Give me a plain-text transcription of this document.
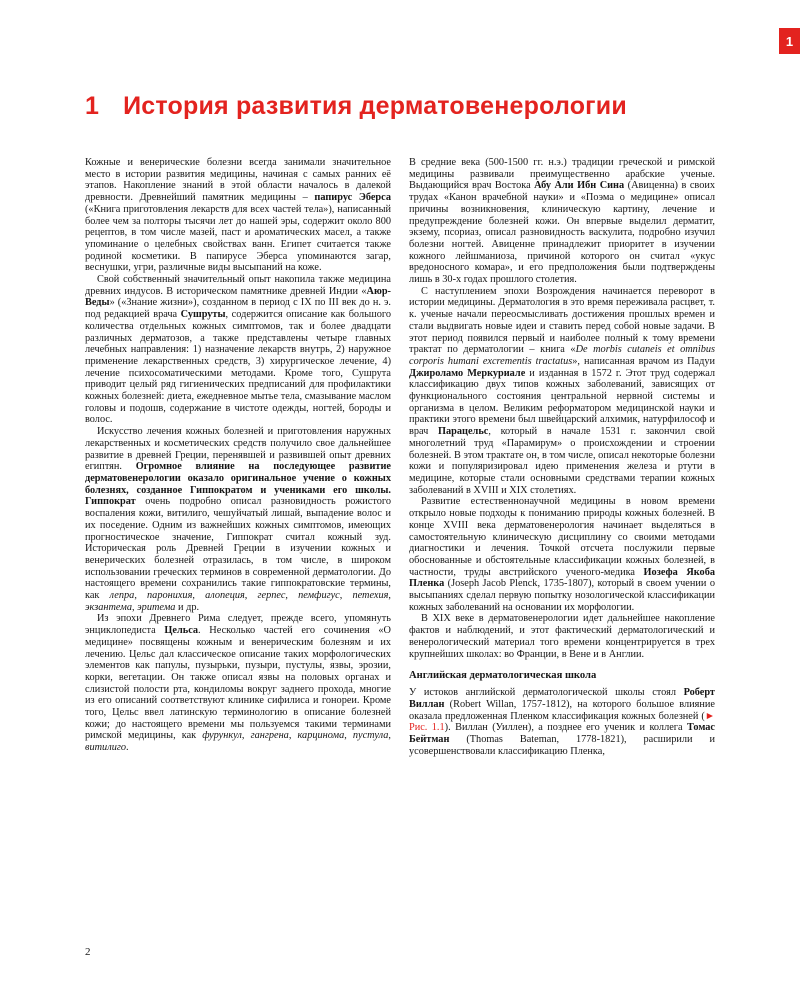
1
1 История развития дерматовенерологии

Кожные и венерические болезни всегда занимали значительное место в истории развития медицины, начиная с самых ранних её этапов. Накопление знаний в этой области началось в далекой древности. Древнейший памятник медицины – папирус Эберса («Книга приготовления лекарств для всех частей тела»), написанный более чем за полторы тысячи лет до нашей эры, содержит около 800 рецептов, в том числе мазей, паст и ароматических масел, а также упоминание о целебных свойствах ванн. Египет считается также родиной косметики. В папирусе Эберса упоминаются загар, веснушки, угри, различные виды высыпаний на коже.

Свой собственный значительный опыт накопила также медицина древних индусов. В историческом памятнике древней Индии «Аюр-Веды» («Знание жизни»), созданном в период с IX по III век до н. э. под редакцией врача Сушруты, содержится описание как большого количества отдельных кожных симптомов, так и более двадцати различных дерматозов, а также представлены четыре главных лечебных направления: 1) назначение лекарств внутрь, 2) наружное применение лекарственных средств, 3) хирургическое лечение, 4) лечение психосоматическими методами. Кроме того, Сушрута приводит целый ряд гигиенических предписаний для профилактики кожных болезней: диета, ежедневное мытье тела, смазывание маслом головы и подошв, содержание в чистоте одежды, ногтей, бороды и волос.

Искусство лечения кожных болезней и приготовления наружных лекарственных и косметических средств получило свое дальнейшее развитие в древней Греции, перенявшей и развившей опыт древних египтян. Огромное влияние на последующее развитие дерматовенерологии оказало оригинальное учение о кожных болезнях, созданное Гиппократом и учениками его школы. Гиппократ очень подробно описал разновидность рожистого воспаления кожи, витилиго, чешуйчатый лишай, выпадение волос и их поседение. Одним из важнейших кожных симптомов, имеющих прогностическое значение, Гиппократ считал кожный зуд. Историческая роль Древней Греции в изучении кожных и венерических болезней отразилась, в том числе, в широком использовании греческих терминов в современной дерматологии. До настоящего времени сохранились такие гиппократовские термины, как лепра, паронихия, алопеция, герпес, пемфигус, петехия, экзантема, эритема и др.

Из эпохи Древнего Рима следует, прежде всего, упомянуть энциклопедиста Цельса. Несколько частей его сочинения «О медицине» посвящены кожным и венерическим болезням и их лечению. Цельс дал классическое описание таких морфологических элементов как папулы, пузырьки, пузыри, пустулы, язвы, эрозии, корки, вегетации. Он также описал язвы на половых органах и слизистой полости рта, кондиломы вокруг заднего прохода, многие из его описаний соответствуют клинике сифилиса и гонореи. Кроме того, Цельс ввел латинскую терминологию в описание болезней кожи; до настоящего времени мы пользуемся такими терминами римской медицины, как фурункул, гангрена, карцинома, пустула, витилиго.

В средние века (500-1500 гг. н.э.) традиции греческой и римской медицины развивали преимущественно арабские ученые. Выдающийся врач Востока Абу Али Ибн Сина (Авиценна) в своих трудах «Канон врачебной науки» и «Поэма о медицине» описал причины возникновения, клиническую картину, лечение и предупреждение болезней кожи. Он впервые выделил дерматит, экзему, псориаз, описал разновидность васкулита, подробно изучил болезни ногтей. Авиценне принадлежит приоритет в изучении кожного лейшманиоза, причиной которого он считал «укус вредоносного комара», и его предположения были подтверждены лишь в 30-х годах прошлого столетия.

С наступлением эпохи Возрождения начинается переворот в истории медицины. Дерматология в это время переживала расцвет, т. к. ученые начали переосмысливать достижения прошлых времен и стали выдвигать новые идеи и ставить перед собой новые задачи. В этот период появился первый и наиболее полный к тому времени трактат по дерматологии – книга «De morbis cutaneis et omnibus corporis humani excrementis tractatus», написанная врачом из Падуи Джироламо Меркуриале и изданная в 1572 г. Этот труд содержал классификацию двух типов кожных заболеваний, зависящих от функционального состояния центральной нервной системы и организма в целом. Великим реформатором медицинской науки и практики этого времени был швейцарский алхимик, натурфилософ и врач Парацельс, который в начале 1531 г. закончил свой многолетний труд «Парамирум» о происхождении и строении болезней. В этом трактате он, в том числе, описал некоторые болезни кожи и популяризировал идею применения железа и ртути в медицине, которые стали основными средствами терапии кожных заболеваний в XVIII и XIX столетиях.

Развитие естественнонаучной медицины в новом времени открыло новые подходы к пониманию природы кожных болезней. В конце XVIII века дерматовенерология начинает выделяться в самостоятельную клиническую дисциплину со своими методами диагностики и лечения. Точкой отсчета послужили первые обоснованные и обстоятельные классификации кожных болезней, в частности, труды австрийского ученого-медика Иозефа Якоба Пленка (Joseph Jacob Plenck, 1735-1807), который в своем учении о высыпаниях сделал первую попытку нозологической классификации кожных заболеваний на основании их морфологии.

В XIX веке в дерматовенерологии идет дальнейшее накопление фактов и наблюдений, и этот фактический дерматологический и венерологический материал того времени концентрируется в трех крупнейших школах: во Франции, в Вене и в Англии.

Английская дерматологическая школа

У истоков английской дерматологической школы стоял Роберт Виллан (Robert Willan, 1757-1812), на которого большое влияние оказала предложенная Пленком классификация кожных болезней (► Рис. 1.1). Виллан (Уиллен), а позднее его ученик и коллега Томас Бейтман (Thomas Bateman, 1778-1821), расширили и усовершенствовали классификацию Пленка,

2
